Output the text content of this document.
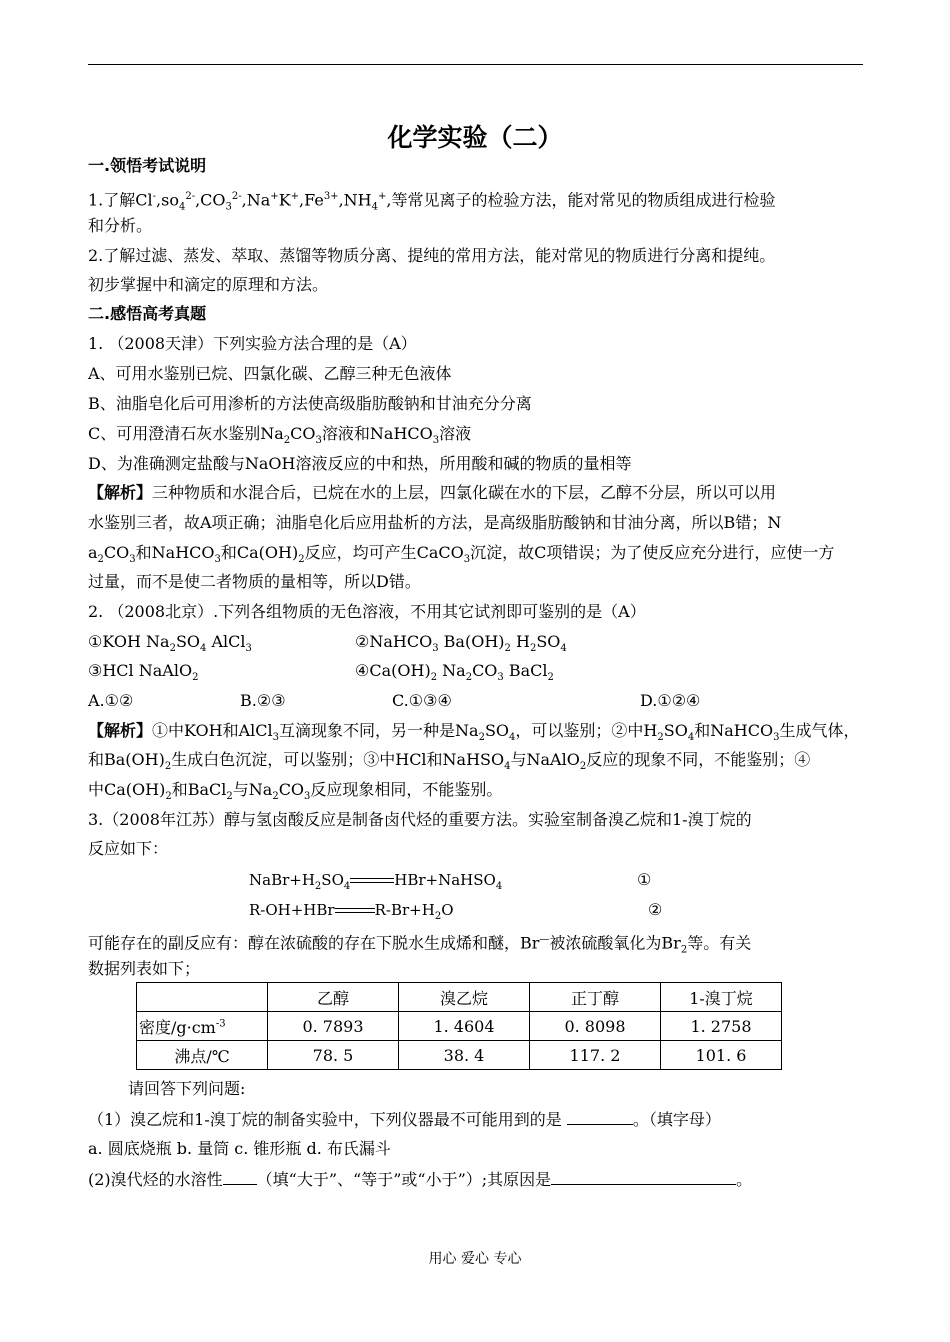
化学实验（二）
一.领悟考试说明
1.了解$Cl^-,so_4^{2-},CO_3^{2-},Na^+K^+,Fe^{3+},NH_4^+$,等常见离子的检验方法，能对常见的物质组成进行检验
和分析。
2.了解过滤、蒸发、萃取、蒸馏等物质分离、提纯的常用方法，能对常见的物质进行分离和提纯。
初步掌握中和滴定的原理和方法。
二.感悟高考真题
1. （2008天津）下列实验方法合理的是（A）
A、可用水鉴别已烷、四氯化碳、乙醇三种无色液体
B、油脂皂化后可用渗析的方法使高级脂肪酸钠和甘油充分分离
C、可用澄清石灰水鉴别$Na_2CO_3$溶液和NaHCO$_3$溶液
D、为准确测定盐酸与NaOH溶液反应的中和热，所用酸和碱的物质的量相等
【解析】三种物质和水混合后，已烷在水的上层，四氯化碳在水的下层，乙醇不分层，所以可以用
水鉴别三者，故A项正确；油脂皂化后应用盐析的方法，是高级脂肪酸钠和甘油分离，所以B错；N
$a_2CO_3$和NaHCO$_3$和$Ca(OH)_2$反应，均可产生CaCO$_3$沉淀，故C项错误；为了使反应充分进行，应使一方
过量，而不是使二者物质的量相等，所以D错。
2. （2008北京）.下列各组物质的无色溶液，不用其它试剂即可鉴别的是（A）
①KOH $Na_2SO_4$ AlCl$_3$	②NaHCO$_3$ $Ba(OH)_2$ $H_2SO_4$
③HCl NaAlO$_2$	$④Ca(OH)_2$ $Na_2CO_3$ BaCl$_2$
A.①②	B.②③	C.①③④	D.①②④
【解析】①中KOH和AlCl$_3$互滴现象不同，另一种是$Na_2SO_4$，可以鉴别；②中$H_2SO_4$和NaHCO$_3$生成气体，
和$Ba(OH)_2$生成白色沉淀，可以鉴别；③中HCl和NaHSO$_4$与NaAlO$_2$反应的现象不同，不能鉴别；④
中$Ca(OH)_2$和BaCl$_2$与$Na_2CO_3$反应现象相同，不能鉴别。
3.（2008年江苏）醇与氢卤酸反应是制备卤代烃的重要方法。实验室制备溴乙烷和1-溴丁烷的
反应如下：
$NaBr+H_2SO_4$	HBr+NaHSO$_4$	①
R-OH+HBr	$R-Br+H_2O$	②
可能存在的副反应有：醇在浓硫酸的存在下脱水生成烯和醚，Br—被浓硫酸氧化为$Br_2$等。有关
数据列表如下；
	乙醇	溴乙烷	正丁醇	1-溴丁烷
密度$/g\cdot cm^{-3}$	0. 7893	1. 4604	0. 8098	1. 2758
沸点/℃	78. 5	38. 4	117. 2	101. 6
请回答下列问题:
（1）溴乙烷和1-溴丁烷的制备实验中，下列仪器最不可能用到的是	。（填字母）
a. 圆底烧瓶 b. 量筒 c. 锥形瓶 d. 布氏漏斗
(2)溴代烃的水溶性 （填“大于”、“等于”或“小于”）;其原因是	。
用心 爱心 专心
